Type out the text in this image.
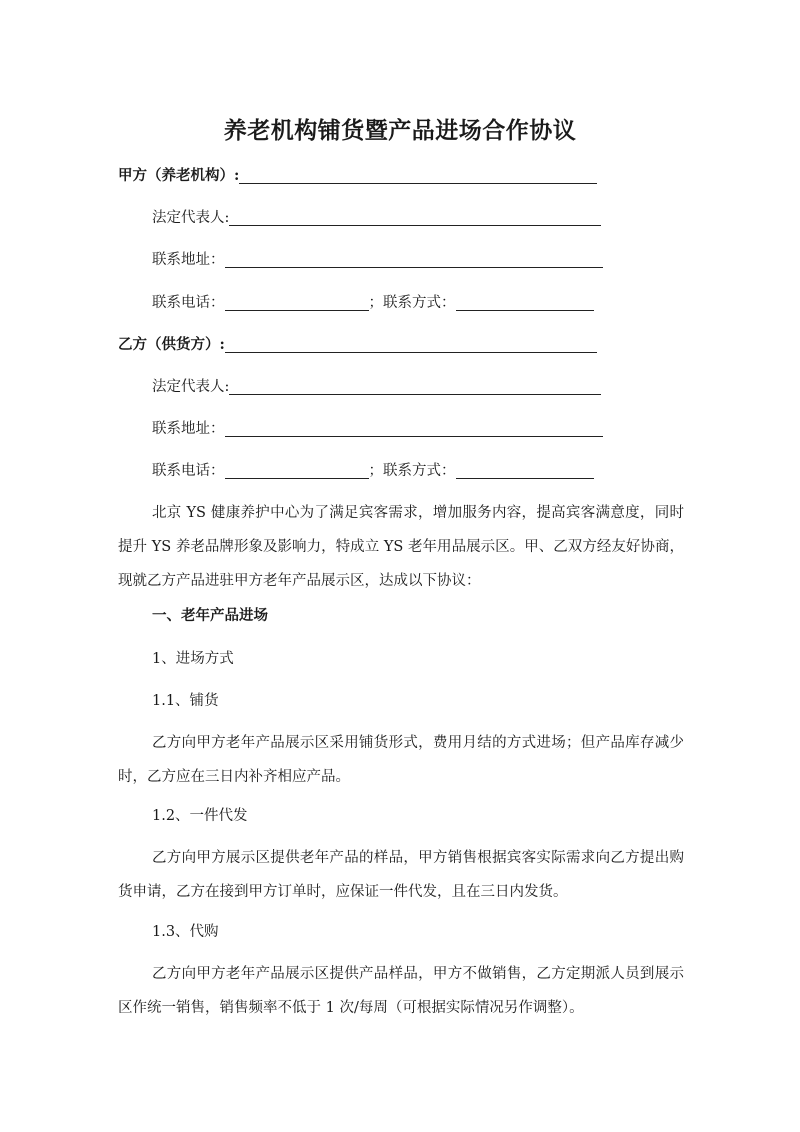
养老机构铺货暨产品进场合作协议
甲方（养老机构）:
法定代表人:
联系地址：
联系电话：	；联系方式：
乙方（供货方）:
法定代表人:
联系地址：
联系电话：	；联系方式：
北京 YS 健康养护中心为了满足宾客需求，增加服务内容，提高宾客满意度，同时提升 YS 养老品牌形象及影响力，特成立 YS 老年用品展示区。甲、乙双方经友好协商，现就乙方产品进驻甲方老年产品展示区，达成以下协议：
一、老年产品进场
1、进场方式
1.1、铺货
乙方向甲方老年产品展示区采用铺货形式，费用月结的方式进场；但产品库存减少时，乙方应在三日内补齐相应产品。
1.2、一件代发
乙方向甲方展示区提供老年产品的样品，甲方销售根据宾客实际需求向乙方提出购货申请，乙方在接到甲方订单时，应保证一件代发，且在三日内发货。
1.3、代购
乙方向甲方老年产品展示区提供产品样品，甲方不做销售，乙方定期派人员到展示区作统一销售，销售频率不低于 1 次/每周（可根据实际情况另作调整）。
